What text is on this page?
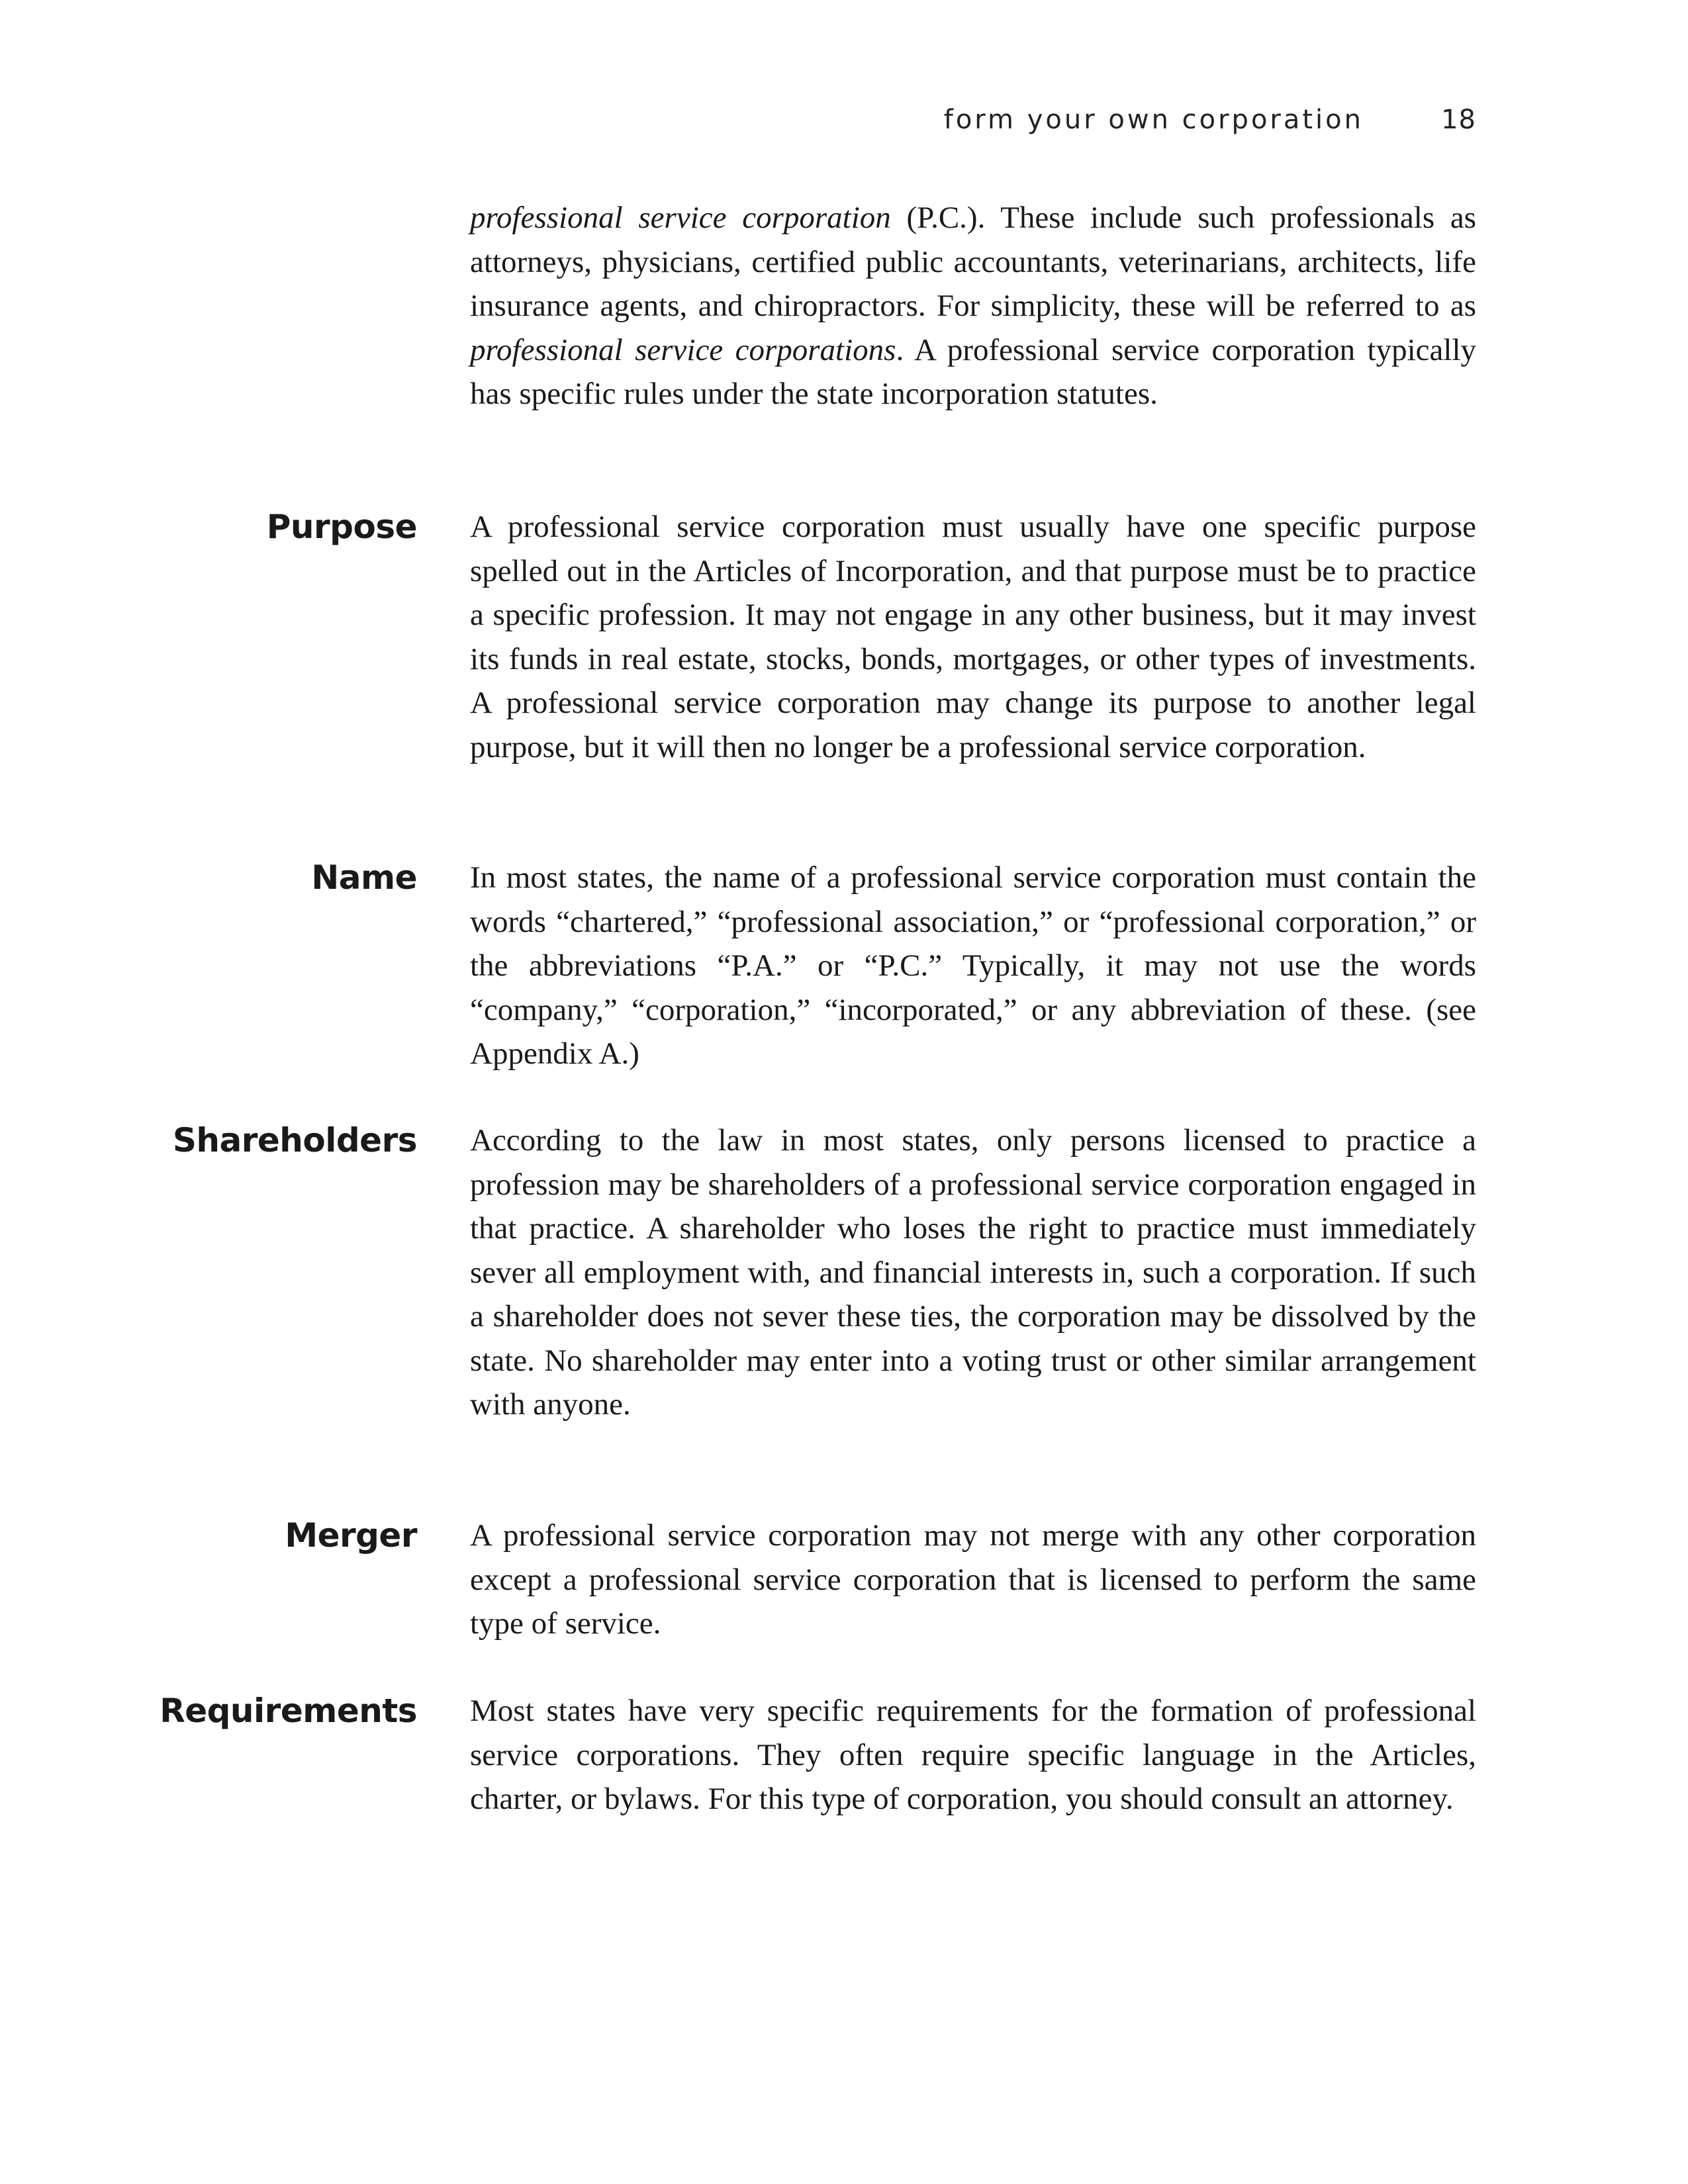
form your own corporation	18
professional service corporation (P.C.). These include such professionals as attorneys, physicians, certified public accountants, veterinarians, architects, life insurance agents, and chiropractors. For simplicity, these will be referred to as professional service corporations. A professional service corporation typically has specific rules under the state incorporation statutes.
Purpose A professional service corporation must usually have one specific purpose spelled out in the Articles of Incorporation, and that purpose must be to practice a specific profession. It may not engage in any other business, but it may invest its funds in real estate, stocks, bonds, mortgages, or other types of investments. A professional service corporation may change its purpose to another legal purpose, but it will then no longer be a professional service corporation.
Name In most states, the name of a professional service corporation must contain the words “chartered,” “professional association,” or “professional corporation,” or the abbreviations “P.A.” or “P.C.” Typically, it may not use the words “company,” “corporation,” “incorporated,” or any abbreviation of these. (see Appendix A.)
Shareholders According to the law in most states, only persons licensed to practice a profession may be shareholders of a professional service corporation engaged in that practice. A shareholder who loses the right to practice must immediately sever all employment with, and financial interests in, such a corporation. If such a shareholder does not sever these ties, the corporation may be dissolved by the state. No shareholder may enter into a voting trust or other similar arrangement with anyone.
Merger A professional service corporation may not merge with any other corporation except a professional service corporation that is licensed to perform the same type of service.
Requirements Most states have very specific requirements for the formation of professional service corporations. They often require specific language in the Articles, charter, or bylaws. For this type of corporation, you should consult an attorney.
